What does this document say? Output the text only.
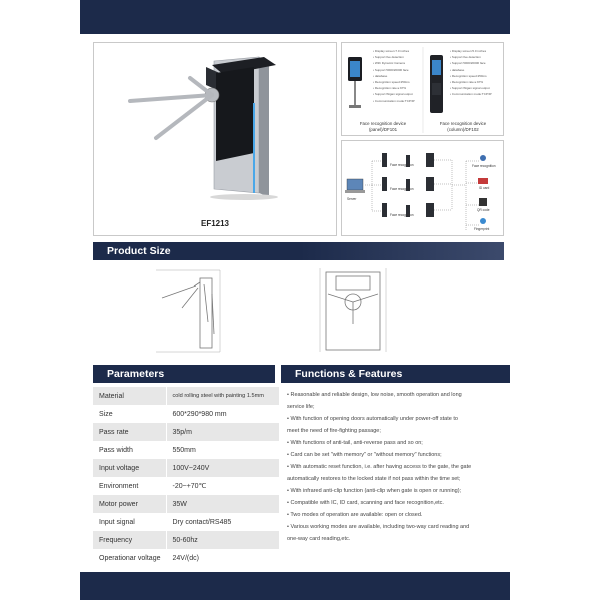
EF1213
• Display screen:7.0 inches
• Support live detection
• With Dynamic Camera
• Support 5000/20000 face
• database
• Recognition speed:250ms
• Recognition rate:≥ 97%
• Support Wigan signal output
• Communication mode:TCP/IP
• Display screen:5.0 inches
• Support live detection
• Support 5000/20000 face
• database
• Recognition speed:250ms
• Recognition rate:≥ 97%
• Support Wigan signal output
• Communication mode:TCP/IP
Face recognition device
(panel)/DF101
Face recognition device
(column)/DF102
Server
Face recognition
Face recognition
Face recognition
Face recognition
ID card
QR code
Fingerprint
Product Size
Parameters	Functions & Features
Material	cold rolling steel with painting 1.5mm
Size	600*290*980 mm
Pass rate	35p/m
Pass width	550mm
Input voltage	100V~240V
Environment	-20~+70℃
Motor power	35W
Input signal	Dry contact/RS485
Frequency	50-60hz
Operationar voltage	24V/(dc)
• Reasonable and reliable design, low noise, smooth operation and long
service life;
• With function of opening doors automatically under power-off state to
meet the need of fire-fighting passage;
• With functions of anti-tail, anti-reverse pass and so on;
• Card can be set "with memory" or "without memory" functions;
• With automatic reset function, i.e. after having access to the gate, the gate
automatically restores to the locked state if not pass within the time set;
• With infrared anti-clip function (anti-clip when gate is open or running);
• Compatible with IC, ID card, scanning and face recognition,etc.
• Two modes of operation are available: open or closed.
• Various working modes are available, including two-way card reading and
one-way card reading,etc.
